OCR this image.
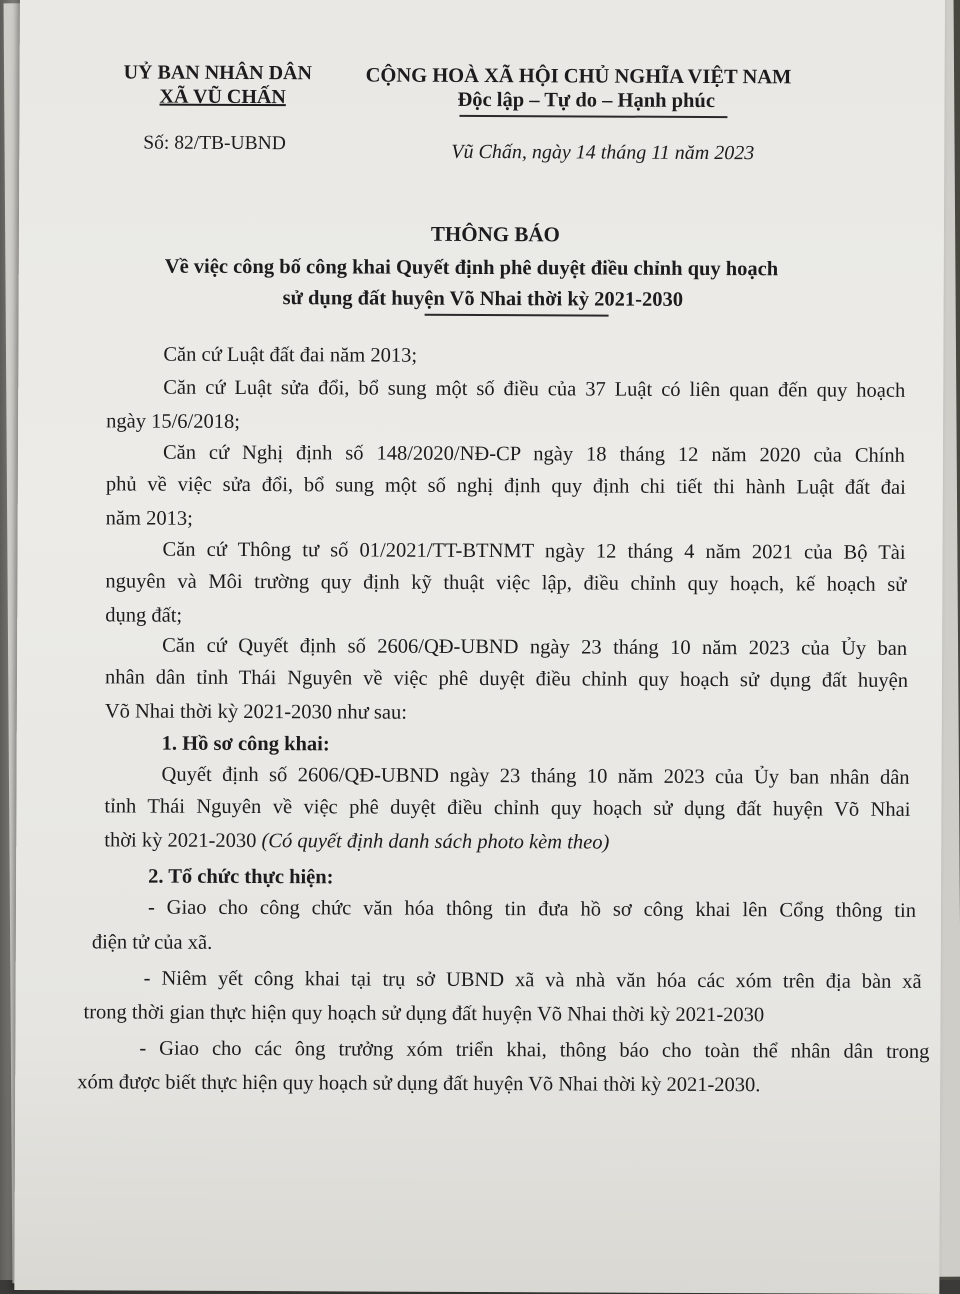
UỶ BAN NHÂN DÂN
XÃ VŨ CHẤN
Số: 82/TB-UBND
CỘNG HOÀ XÃ HỘI CHỦ NGHĨA VIỆT NAM
Độc lập – Tự do – Hạnh phúc
Vũ Chấn, ngày 14 tháng 11 năm 2023
THÔNG BÁO
Về việc công bố công khai Quyết định phê duyệt điều chỉnh quy hoạch
sử dụng đất huyện Võ Nhai thời kỳ 2021-2030
Căn cứ Luật đất đai năm 2013;
Căn cứ Luật sửa đổi, bổ sung một số điều của 37 Luật có liên quan đến quy hoạch
ngày 15/6/2018;
Căn cứ Nghị định số 148/2020/NĐ-CP ngày 18 tháng 12 năm 2020 của Chính
phủ về việc sửa đổi, bổ sung một số nghị định quy định chi tiết thi hành Luật đất đai
năm 2013;
Căn cứ Thông tư số 01/2021/TT-BTNMT ngày 12 tháng 4 năm 2021 của Bộ Tài
nguyên và Môi trường quy định kỹ thuật việc lập, điều chỉnh quy hoạch, kế hoạch sử
dụng đất;
Căn cứ Quyết định số 2606/QĐ-UBND ngày 23 tháng 10 năm 2023 của Ủy ban
nhân dân tỉnh Thái Nguyên về việc phê duyệt điều chỉnh quy hoạch sử dụng đất huyện
Võ Nhai thời kỳ 2021-2030 như sau:
1. Hồ sơ công khai:
Quyết định số 2606/QĐ-UBND ngày 23 tháng 10 năm 2023 của Ủy ban nhân dân
tỉnh Thái Nguyên về việc phê duyệt điều chỉnh quy hoạch sử dụng đất huyện Võ Nhai
thời kỳ 2021-2030 (Có quyết định danh sách photo kèm theo)
2. Tổ chức thực hiện:
- Giao cho công chức văn hóa thông tin đưa hồ sơ công khai lên Cổng thông tin
điện tử của xã.
- Niêm yết công khai tại trụ sở UBND xã và nhà văn hóa các xóm trên địa bàn xã
trong thời gian thực hiện quy hoạch sử dụng đất huyện Võ Nhai thời kỳ 2021-2030
- Giao cho các ông trưởng xóm triển khai, thông báo cho toàn thể nhân dân trong
xóm được biết thực hiện quy hoạch sử dụng đất huyện Võ Nhai thời kỳ 2021-2030.
